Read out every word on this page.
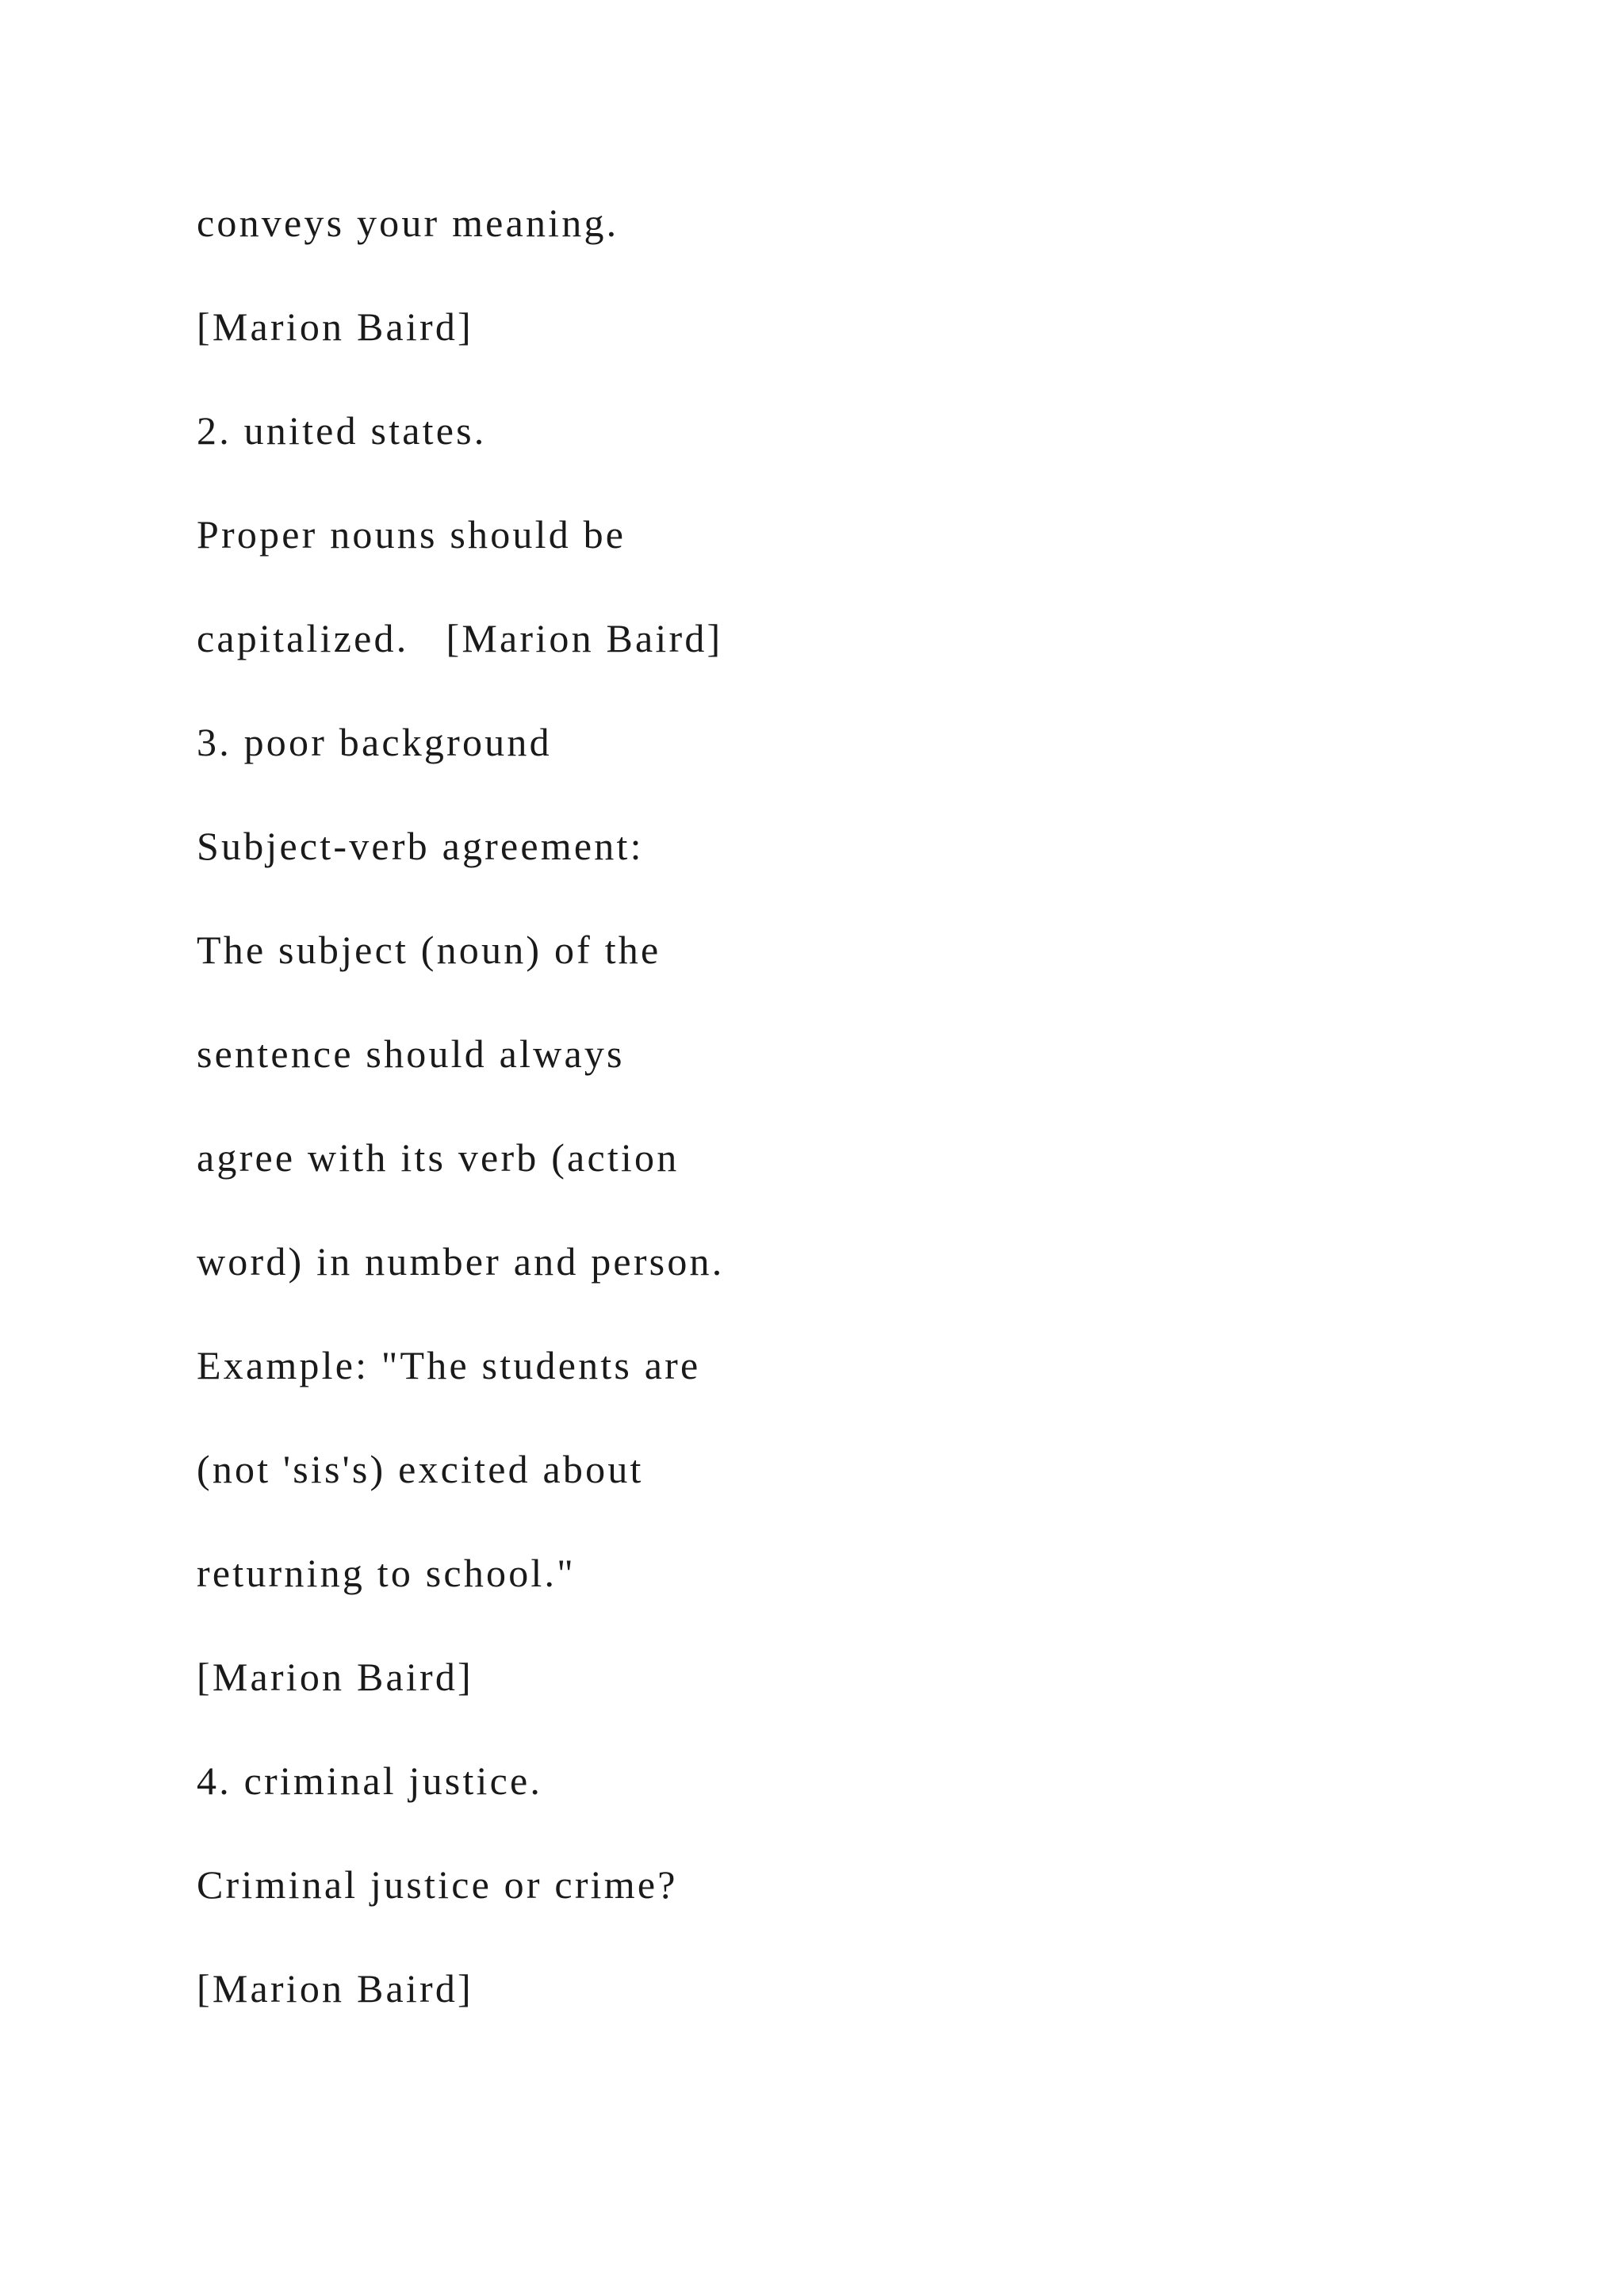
conveys your meaning.
[Marion Baird]
2. united states.
Proper nouns should be
capitalized.   [Marion Baird]
3. poor background
Subject-verb agreement:
The subject (noun) of the
sentence should always
agree with its verb (action
word) in number and person.
Example: "The students are
(not 'sis's) excited about
returning to school."
[Marion Baird]
4. criminal justice.
Criminal justice or crime?
[Marion Baird]
